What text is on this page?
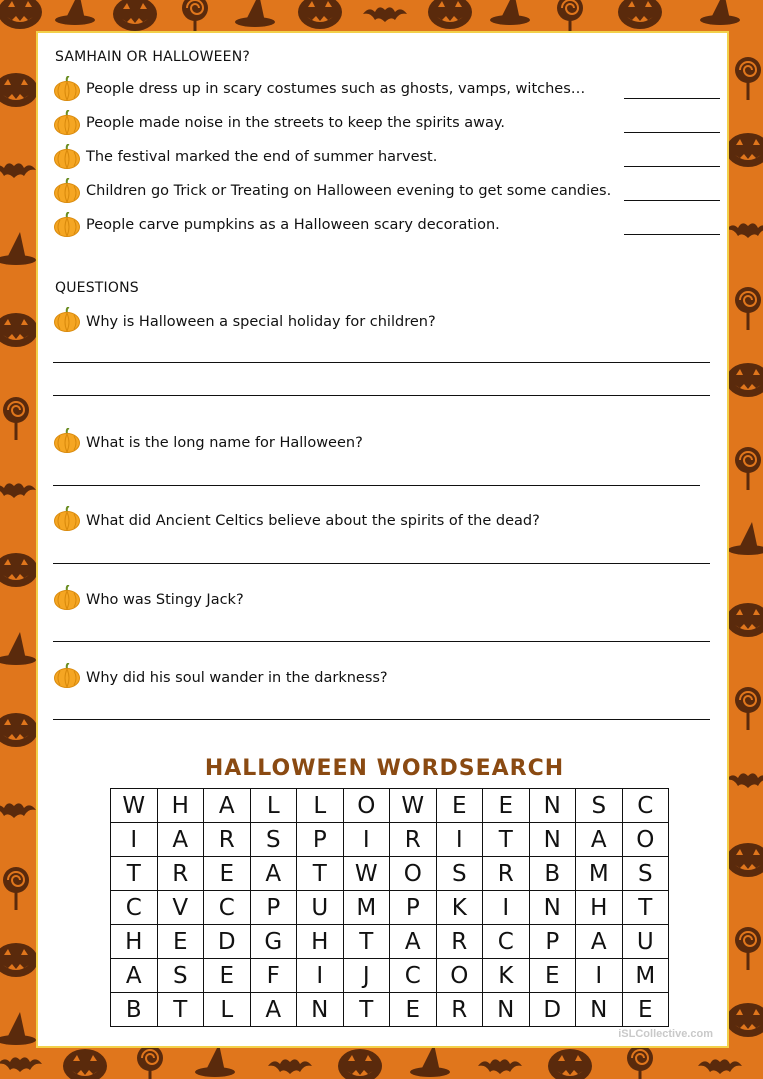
SAMHAIN OR HALLOWEEN?
People dress up in scary costumes such as ghosts, vamps, witches…
People made noise in the streets to keep the spirits away.
The festival marked the end of summer harvest.
Children go Trick or Treating on Halloween evening to get some candies.
People carve pumpkins as a Halloween scary decoration.
QUESTIONS
Why is Halloween a special holiday for children?
What is the long name for Halloween?
What did Ancient Celtics believe about the spirits of the dead?
Who was Stingy Jack?
Why did his soul wander in the darkness?
HALLOWEEN WORDSEARCH
W	H	A	L	L	O	W	E	E	N	S	C
I	A	R	S	P	I	R	I	T	N	A	O
T	R	E	A	T	W	O	S	R	B	M	S
C	V	C	P	U	M	P	K	I	N	H	T
H	E	D	G	H	T	A	R	C	P	A	U
A	S	E	F	I	J	C	O	K	E	I	M
B	T	L	A	N	T	E	R	N	D	N	E
iSLCollective.com
